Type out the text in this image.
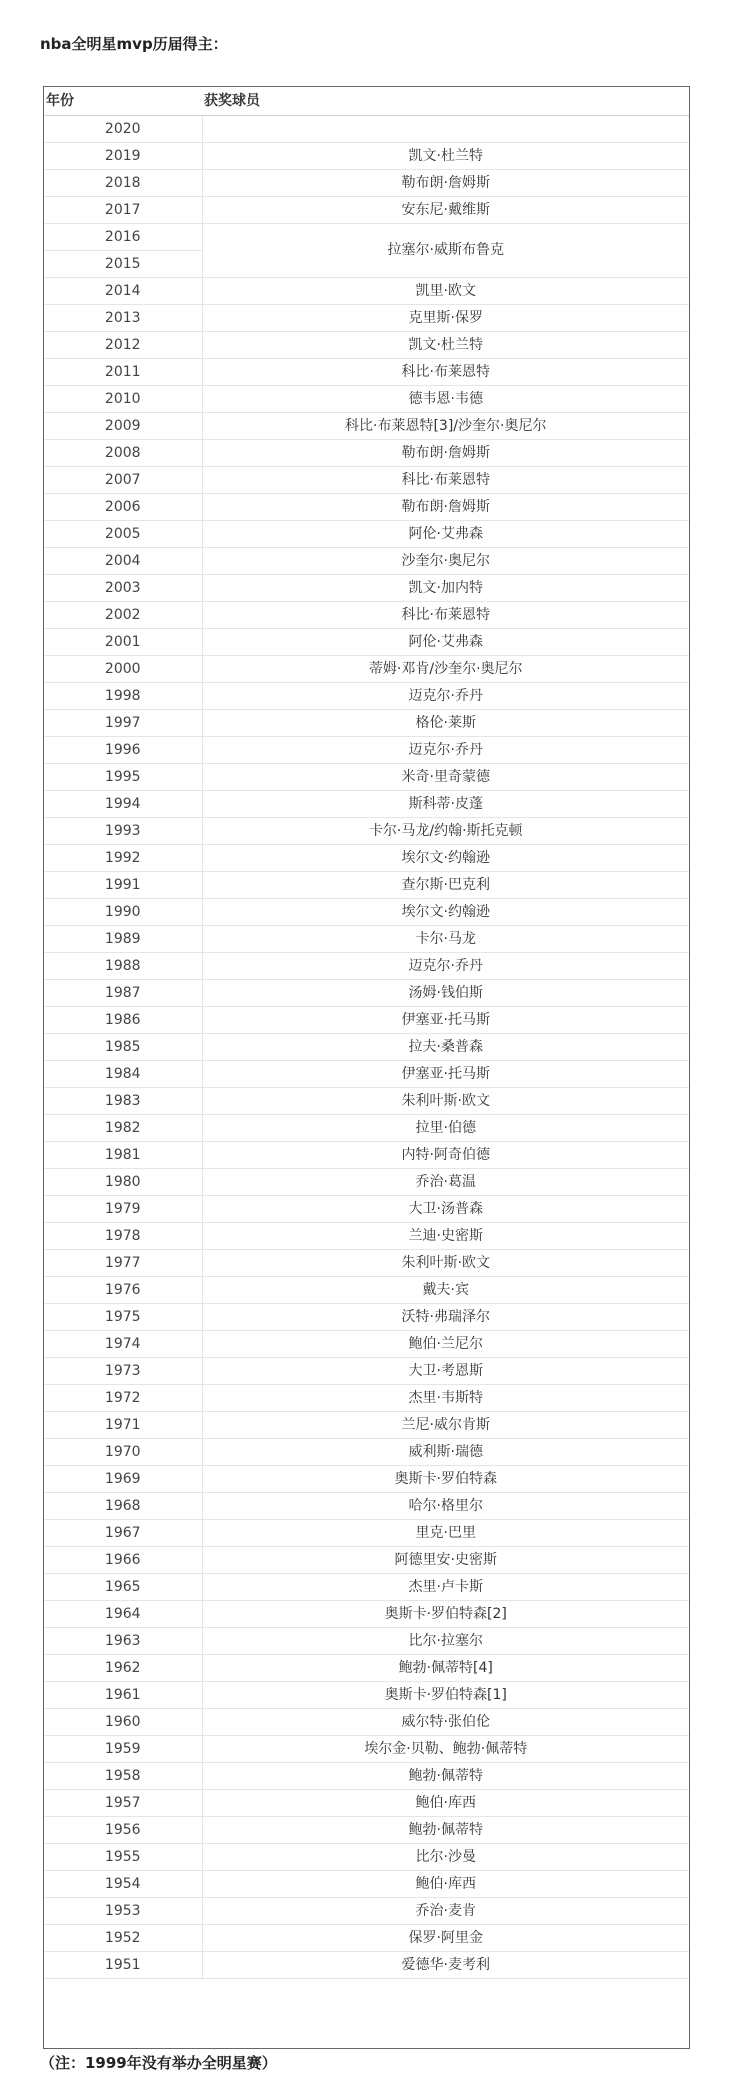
nba全明星mvp历届得主：
年份	获奖球员
2020	
2019	凯文·杜兰特
2018	勒布朗·詹姆斯
2017	安东尼·戴维斯
2016	拉塞尔·威斯布鲁克
2015	
2014	凯里·欧文
2013	克里斯·保罗
2012	凯文·杜兰特
2011	科比·布莱恩特
2010	德韦恩·韦德
2009	科比·布莱恩特[3]/沙奎尔·奥尼尔
2008	勒布朗·詹姆斯
2007	科比·布莱恩特
2006	勒布朗·詹姆斯
2005	阿伦·艾弗森
2004	沙奎尔·奥尼尔
2003	凯文·加内特
2002	科比·布莱恩特
2001	阿伦·艾弗森
2000	蒂姆·邓肯/沙奎尔·奥尼尔
1998	迈克尔·乔丹
1997	格伦·莱斯
1996	迈克尔·乔丹
1995	米奇·里奇蒙德
1994	斯科蒂·皮蓬
1993	卡尔·马龙/约翰·斯托克顿
1992	埃尔文·约翰逊
1991	查尔斯·巴克利
1990	埃尔文·约翰逊
1989	卡尔·马龙
1988	迈克尔·乔丹
1987	汤姆·钱伯斯
1986	伊塞亚·托马斯
1985	拉夫·桑普森
1984	伊塞亚·托马斯
1983	朱利叶斯·欧文
1982	拉里·伯德
1981	内特·阿奇伯德
1980	乔治·葛温
1979	大卫·汤普森
1978	兰迪·史密斯
1977	朱利叶斯·欧文
1976	戴夫·宾
1975	沃特·弗瑞泽尔
1974	鲍伯·兰尼尔
1973	大卫·考恩斯
1972	杰里·韦斯特
1971	兰尼·威尔肯斯
1970	威利斯·瑞德
1969	奥斯卡·罗伯特森
1968	哈尔·格里尔
1967	里克·巴里
1966	阿德里安·史密斯
1965	杰里·卢卡斯
1964	奥斯卡·罗伯特森[2]
1963	比尔·拉塞尔
1962	鲍勃·佩蒂特[4]
1961	奥斯卡·罗伯特森[1]
1960	威尔特·张伯伦
1959	埃尔金·贝勒、鲍勃·佩蒂特
1958	鲍勃·佩蒂特
1957	鲍伯·库西
1956	鲍勃·佩蒂特
1955	比尔·沙曼
1954	鲍伯·库西
1953	乔治·麦肯
1952	保罗·阿里金
1951	爱德华·麦考利
（注：1999年没有举办全明星赛）
